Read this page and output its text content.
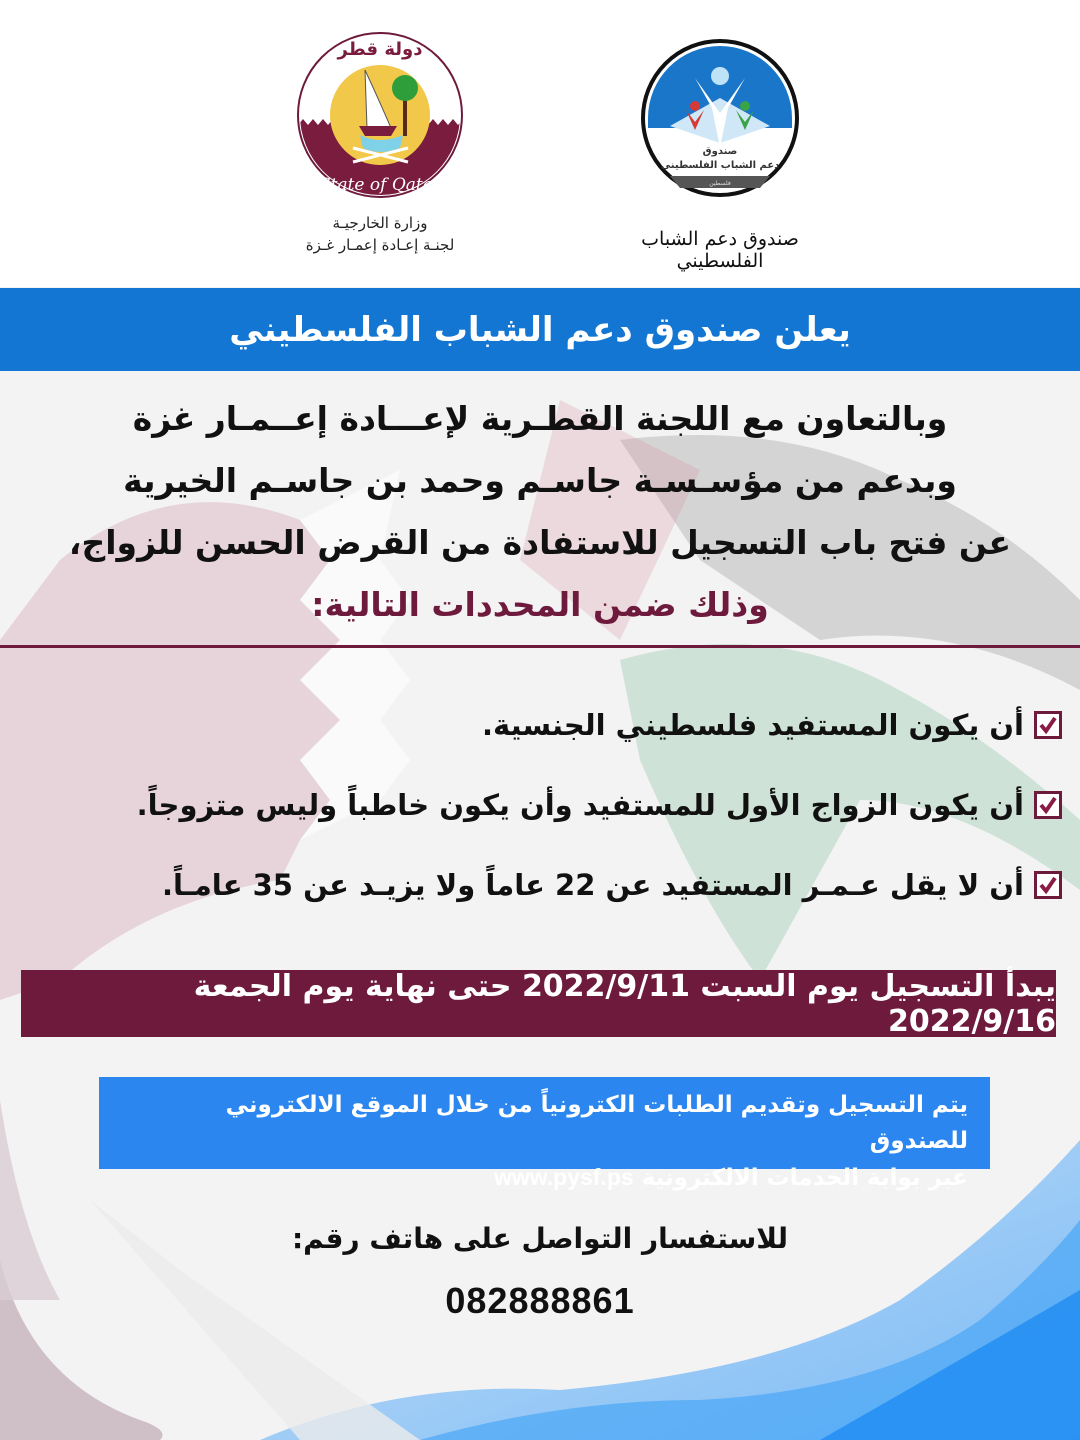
دولة قطر
State of Qatar
وزارة الخارجيـة
لجنـة إعـادة إعمـار غـزة
صندوق
دعم الشباب الفلسطيني
فلسطين
صندوق دعم الشباب الفلسطيني
يعلن صندوق دعم الشباب الفلسطيني
وبالتعاون مع اللجنة القطـرية لإعـــادة إعــمـار غزة
وبدعم من مؤسـسـة جاسـم وحمد بن جاسـم الخيرية
عن فتح باب التسجيل للاستفادة من القرض الحسن للزواج،
وذلك ضمن المحددات التالية:
أن يكون المستفيد فلسطيني الجنسية.
أن يكون الزواج الأول للمستفيد وأن يكون خاطباً وليس متزوجاً.
أن لا يقل عـمـر المستفيد عن 22 عاماً ولا يزيـد عن 35 عامـاً.
يبدأ التسجيل يوم السبت 2022/9/11 حتى نهاية يوم الجمعة 2022/9/16
يتم التسجيل وتقديم الطلبات الكترونياً من خلال الموقع الالكتروني للصندوق
عبر بوابة الخدمات الالكترونية www.pysf.ps
للاستفسار التواصل على هاتف رقم:
082888861
